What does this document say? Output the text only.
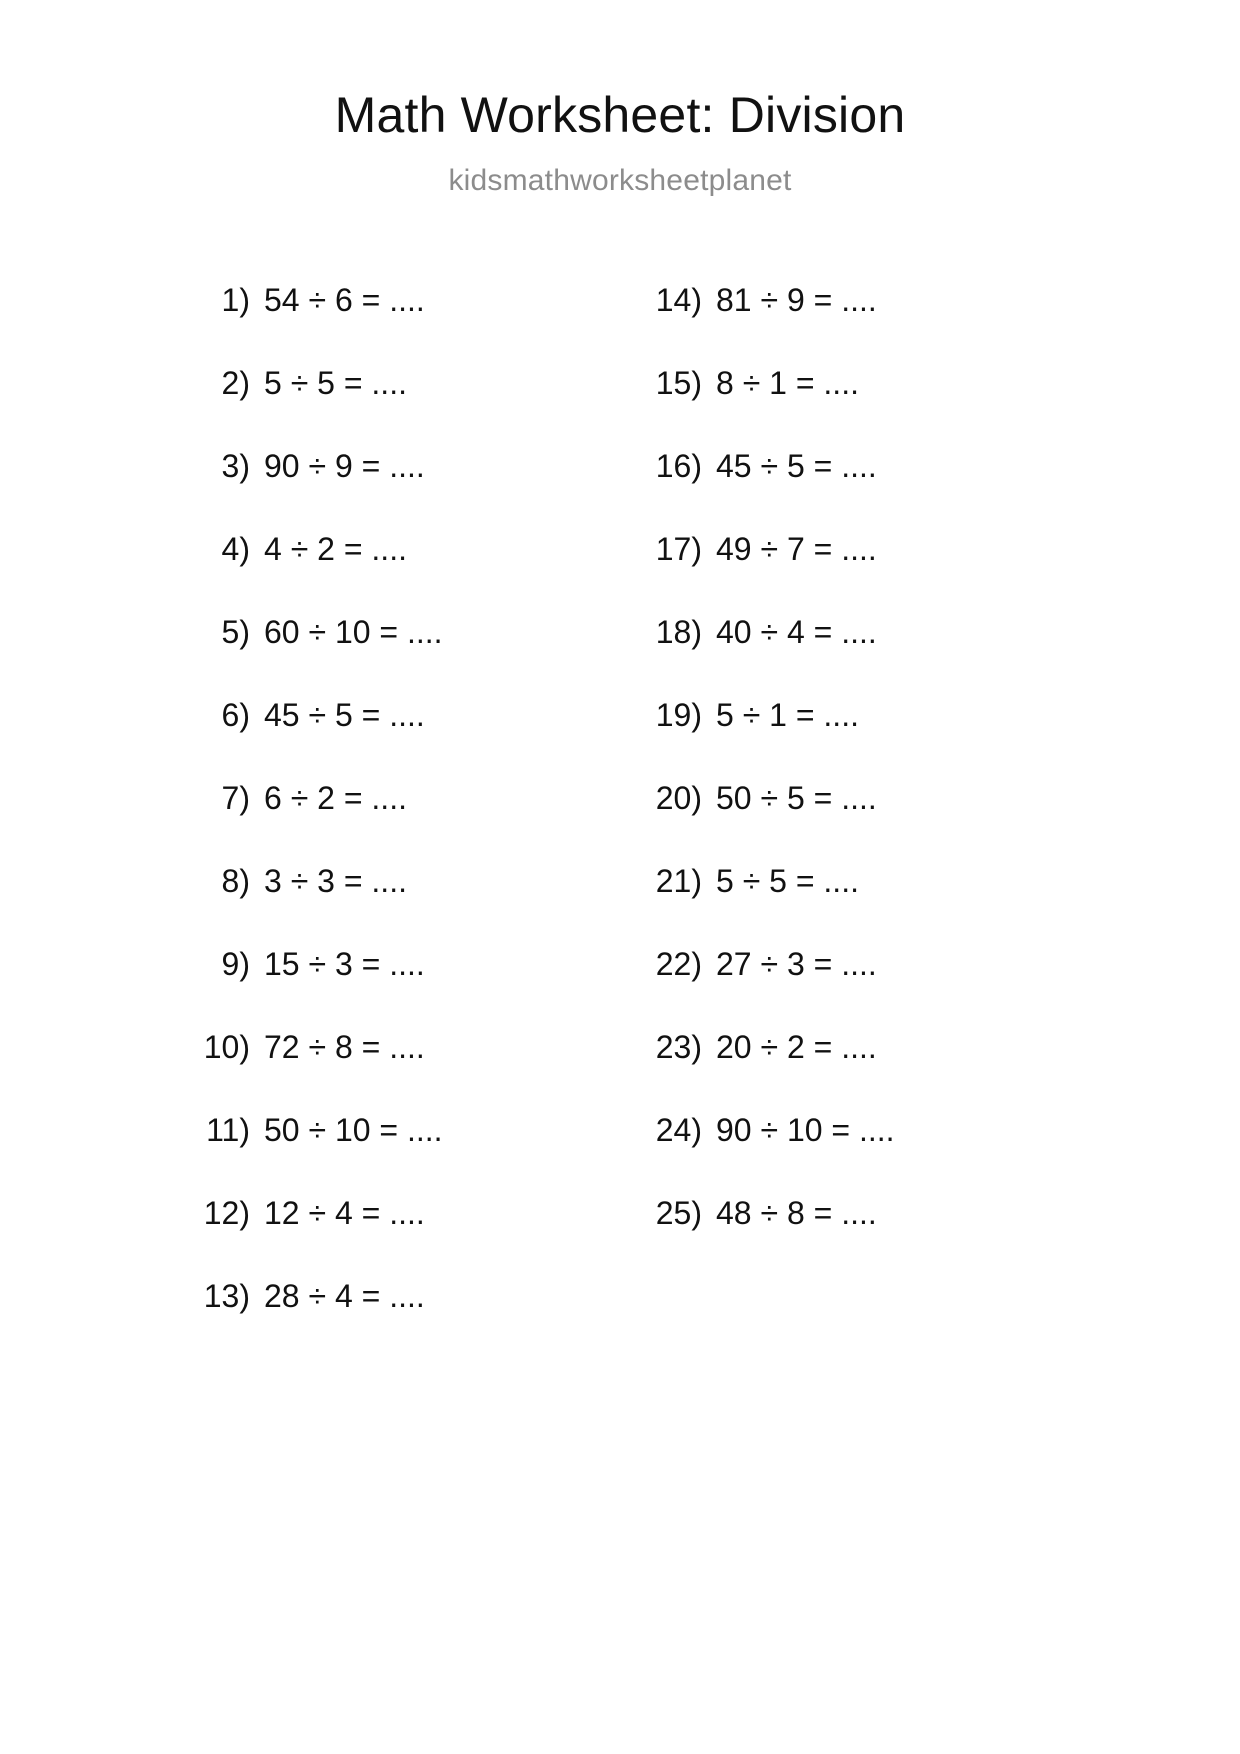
Math Worksheet: Division
kidsmathworksheetplanet
1) 54 ÷ 6 = ....
2) 5 ÷ 5 = ....
3) 90 ÷ 9 = ....
4) 4 ÷ 2 = ....
5) 60 ÷ 10 = ....
6) 45 ÷ 5 = ....
7) 6 ÷ 2 = ....
8) 3 ÷ 3 = ....
9) 15 ÷ 3 = ....
10) 72 ÷ 8 = ....
11) 50 ÷ 10 = ....
12) 12 ÷ 4 = ....
13) 28 ÷ 4 = ....
14) 81 ÷ 9 = ....
15) 8 ÷ 1 = ....
16) 45 ÷ 5 = ....
17) 49 ÷ 7 = ....
18) 40 ÷ 4 = ....
19) 5 ÷ 1 = ....
20) 50 ÷ 5 = ....
21) 5 ÷ 5 = ....
22) 27 ÷ 3 = ....
23) 20 ÷ 2 = ....
24) 90 ÷ 10 = ....
25) 48 ÷ 8 = ....
